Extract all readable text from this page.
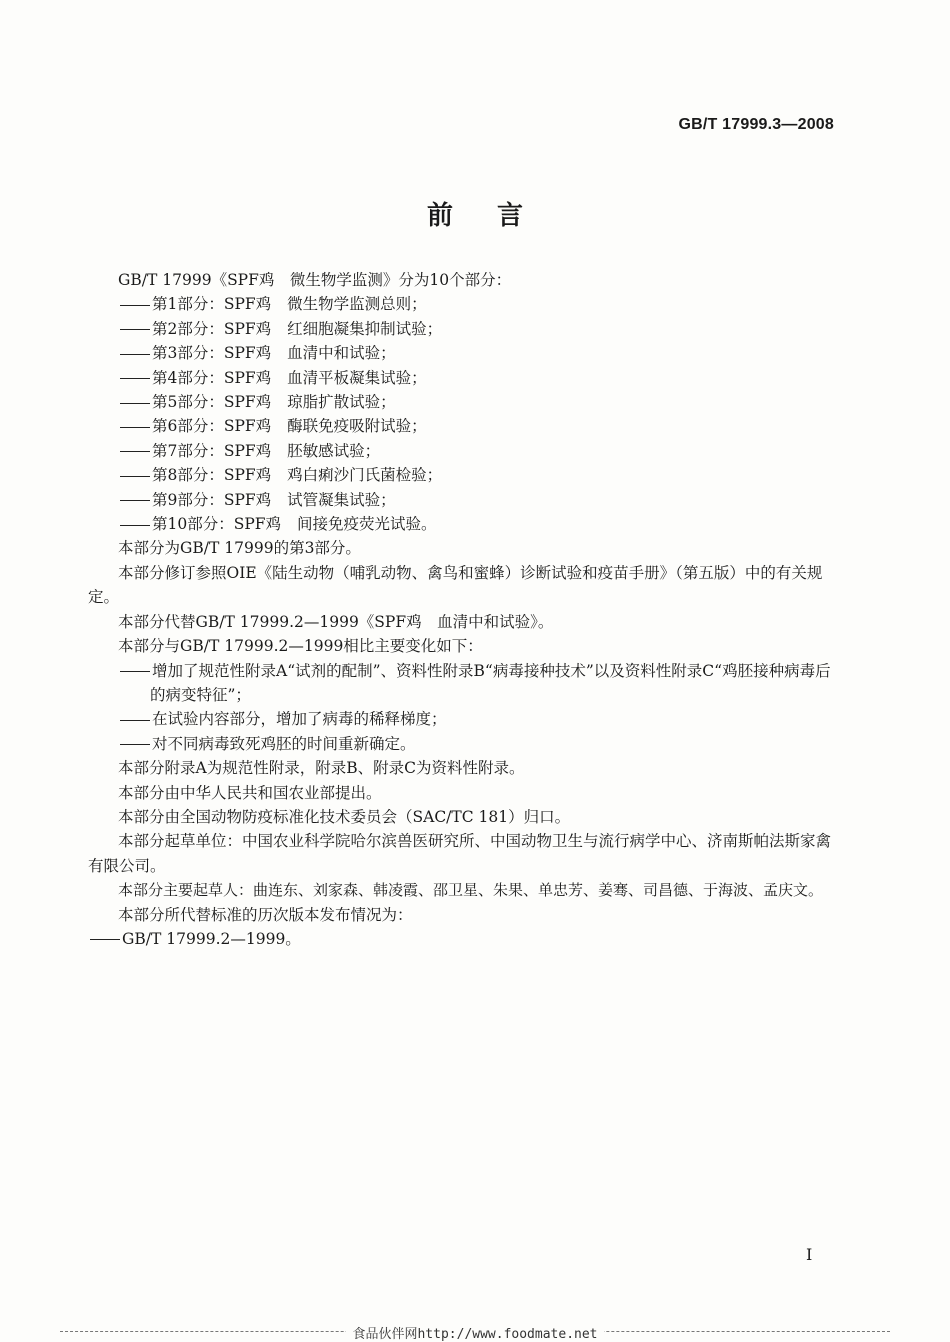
GB/T 17999.3—2008
前言

GB/T 17999《SPF鸡　微生物学监测》分为10个部分：

第1部分：SPF鸡 微生物学监测总则；

第2部分：SPF鸡 红细胞凝集抑制试验；

第3部分：SPF鸡 血清中和试验；

第4部分：SPF鸡 血清平板凝集试验；

第5部分：SPF鸡 琼脂扩散试验；

第6部分：SPF鸡 酶联免疫吸附试验；

第7部分：SPF鸡 胚敏感试验；

第8部分：SPF鸡 鸡白痢沙门氏菌检验；

第9部分：SPF鸡 试管凝集试验；

第10部分：SPF鸡 间接免疫荧光试验。

本部分为GB/T 17999的第3部分。

本部分修订参照OIE《陆生动物（哺乳动物、禽鸟和蜜蜂）诊断试验和疫苗手册》（第五版）中的有关规定。

本部分代替GB/T 17999.2—1999《SPF鸡　血清中和试验》。

本部分与GB/T 17999.2—1999相比主要变化如下：

增加了规范性附录A“试剂的配制”、资料性附录B“病毒接种技术”以及资料性附录C“鸡胚接种病毒后的病变特征”；

在试验内容部分，增加了病毒的稀释梯度；

对不同病毒致死鸡胚的时间重新确定。

本部分附录A为规范性附录，附录B、附录C为资料性附录。

本部分由中华人民共和国农业部提出。

本部分由全国动物防疫标准化技术委员会（SAC/TC 181）归口。

本部分起草单位：中国农业科学院哈尔滨兽医研究所、中国动物卫生与流行病学中心、济南斯帕法斯家禽有限公司。

本部分主要起草人：曲连东、刘家森、韩凌霞、邵卫星、朱果、单忠芳、姜骞、司昌德、于海波、孟庆文。

本部分所代替标准的历次版本发布情况为：

GB/T 17999.2—1999。

I
食品伙伴网http://www.foodmate.net
